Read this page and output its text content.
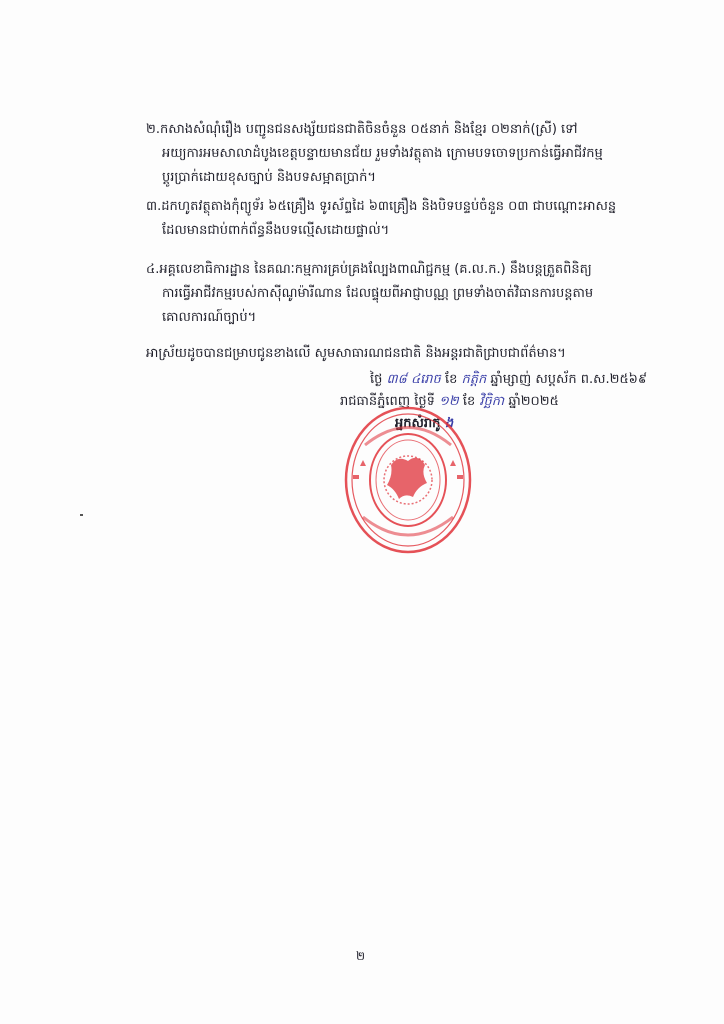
២.កសាងសំណុំរឿង បញ្ជូនជនសង្ស័យជនជាតិចិនចំនួន ០៥នាក់ និងខ្មែរ ០២នាក់(ស្រី) ទៅ
អយ្យការអមសាលាដំបូងខេត្តបន្ទាយមានជ័យ រួមទាំងវត្ថុតាង ក្រោមបទចោទប្រកាន់ធ្វើអាជីវកម្ម
ប្តូរប្រាក់ដោយខុសច្បាប់ និងបទសម្អាតប្រាក់។
៣.ដកហូតវត្ថុតាងកុំព្យូទ័រ ៦៥គ្រឿង ទូរស័ព្ទដៃ ៦៣គ្រឿង និងបិទបន្ទប់ចំនួន ០៣ ជាបណ្តោះអាសន្ន
ដែលមានជាប់ពាក់ព័ន្ធនឹងបទល្មើសដោយផ្ទាល់។
៤.អគ្គលេខាធិការដ្ឋាន នៃគណៈកម្មការគ្រប់គ្រងល្បែងពាណិជ្ជកម្ម (គ.ល.ក.) នឹងបន្តត្រួតពិនិត្យ
ការធ្វើអាជីវកម្មរបស់កាស៊ីណូម៉ារីណាន ដែលផ្ទុយពីអាជ្ញាបណ្ណ ព្រមទាំងចាត់វិធានការបន្តតាម
គោលការណ៍ច្បាប់។
អាស្រ័យដូចបានជម្រាបជូនខាងលើ សូមសាធារណជនជាតិ និងអន្តរជាតិជ្រាបជាព័ត៌មាន។
ថ្ងៃ ៣៨ ៤រោច ខែ កត្តិក ឆ្នាំម្សាញ់ សប្តស័ក ព.ស.២៥៦៩
រាជធានីភ្នំពេញ ថ្ងៃទី ១២ ខែ វិច្ឆិកា ឆ្នាំ២០២៥
អ្នកសំរាកូ ង
២
